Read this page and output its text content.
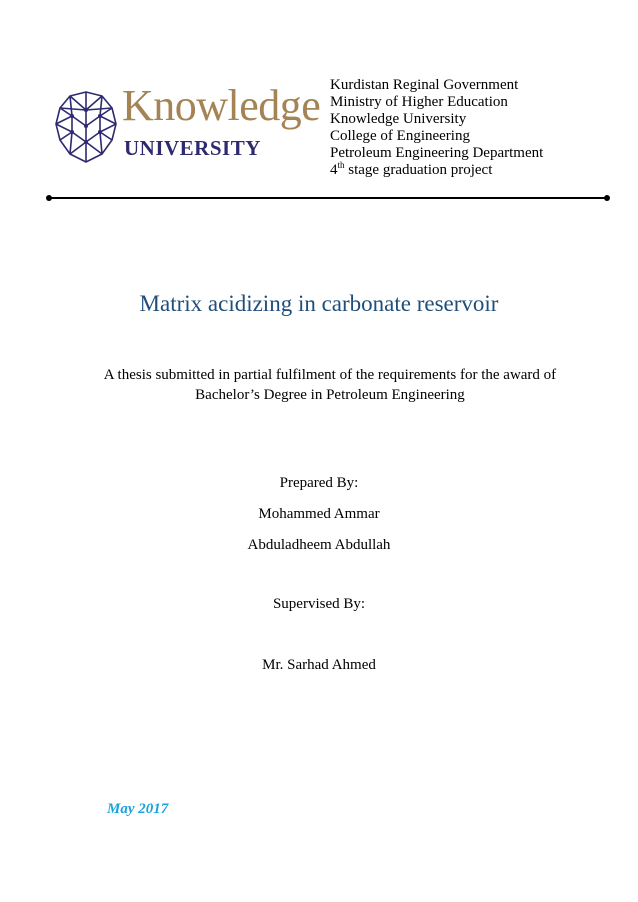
Knowledge
UNIVERSITY
Kurdistan Reginal Government
Ministry of Higher Education
Knowledge University
College of Engineering
Petroleum Engineering Department
4th stage graduation project
Matrix acidizing in carbonate reservoir
A thesis submitted in partial fulfilment of the requirements for the award of
Bachelor’s Degree in Petroleum Engineering
Prepared By:
Mohammed Ammar
Abduladheem Abdullah
Supervised By:
Mr. Sarhad Ahmed
May 2017
